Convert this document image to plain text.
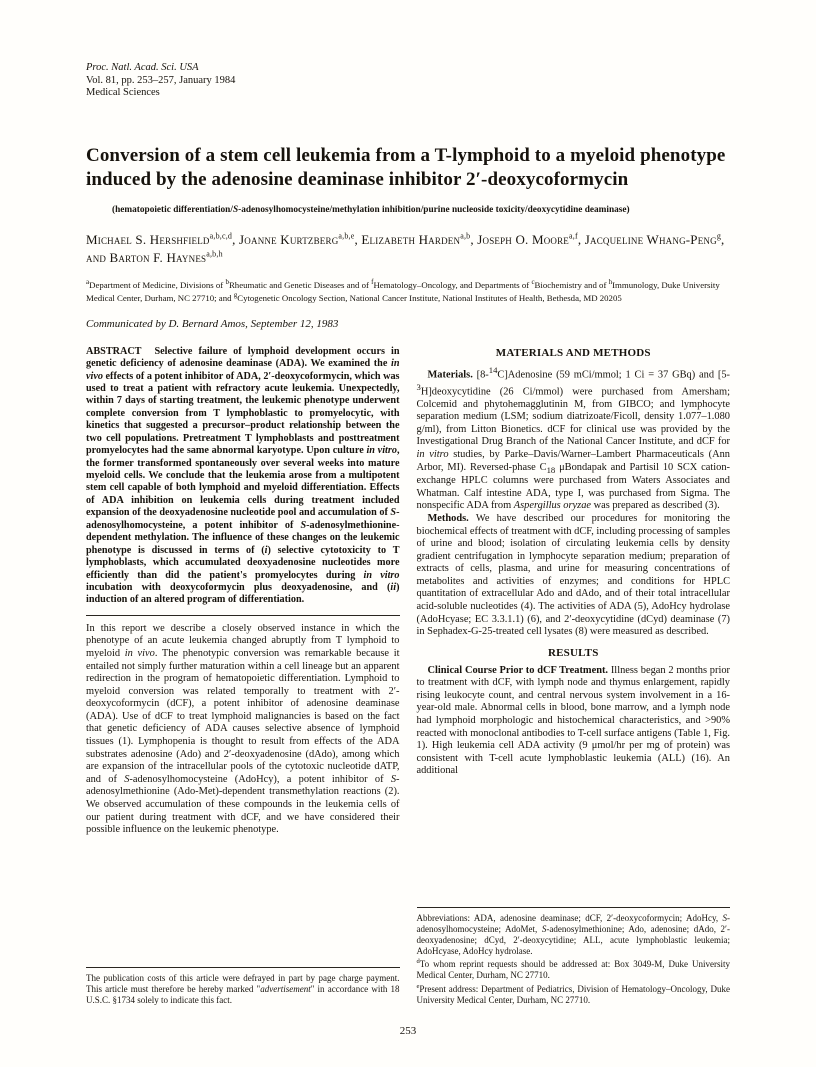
Proc. Natl. Acad. Sci. USA
Vol. 81, pp. 253–257, January 1984
Medical Sciences
Conversion of a stem cell leukemia from a T-lymphoid to a myeloid phenotype induced by the adenosine deaminase inhibitor 2′-deoxycoformycin
(hematopoietic differentiation/S-adenosylhomocysteine/methylation inhibition/purine nucleoside toxicity/deoxycytidine deaminase)
Michael S. Hershfield$^{a,b,c,d}$, Joanne Kurtzberg$^{a,b,e}$, Elizabeth Harden$^{a,b}$, Joseph O. Moore$^{a,f}$, Jacqueline Whang-Peng$^g$, and Barton F. Haynes$^{a,b,h}$
$^a$Department of Medicine, Divisions of $^b$Rheumatic and Genetic Diseases and of $^f$Hematology–Oncology, and Departments of $^c$Biochemistry and of $^h$Immunology, Duke University Medical Center, Durham, NC 27710; and $^g$Cytogenetic Oncology Section, National Cancer Institute, National Institutes of Health, Bethesda, MD 20205
Communicated by D. Bernard Amos, September 12, 1983

ABSTRACT Selective failure of lymphoid development occurs in genetic deficiency of adenosine deaminase (ADA). We examined the in vivo effects of a potent inhibitor of ADA, 2′-deoxycoformycin, which was used to treat a patient with refractory acute leukemia. Unexpectedly, within 7 days of starting treatment, the leukemic phenotype underwent complete conversion from T lymphoblastic to promyelocytic, with kinetics that suggested a precursor–product relationship between the two cell populations. Pretreatment T lymphoblasts and posttreatment promyelocytes had the same abnormal karyotype. Upon culture in vitro, the former transformed spontaneously over several weeks into mature myeloid cells. We conclude that the leukemia arose from a multipotent stem cell capable of both lymphoid and myeloid differentiation. Effects of ADA inhibition on leukemia cells during treatment included expansion of the deoxyadenosine nucleotide pool and accumulation of S-adenosylhomocysteine, a potent inhibitor of S-adenosylmethionine-dependent methylation. The influence of these changes on the leukemic phenotype is discussed in terms of (i) selective cytotoxicity to T lymphoblasts, which accumulated deoxyadenosine nucleotides more efficiently than did the patient's promyelocytes during in vitro incubation with deoxycoformycin plus deoxyadenosine, and (ii) induction of an altered program of differentiation.

In this report we describe a closely observed instance in which the phenotype of an acute leukemia changed abruptly from T lymphoid to myeloid in vivo. The phenotypic conversion was remarkable because it entailed not simply further maturation within a cell lineage but an apparent redirection in the program of hematopoietic differentiation. Lymphoid to myeloid conversion was related temporally to treatment with 2′-deoxycoformycin (dCF), a potent inhibitor of adenosine deaminase (ADA). Use of dCF to treat lymphoid malignancies is based on the fact that genetic deficiency of ADA causes selective absence of lymphoid tissues (1). Lymphopenia is thought to result from effects of the ADA substrates adenosine (Ado) and 2′-deoxyadenosine (dAdo), among which are expansion of the intracellular pools of the cytotoxic nucleotide dATP, and of S-adenosylhomocysteine (AdoHcy), a potent inhibitor of S-adenosylmethionine (Ado-Met)-dependent transmethylation reactions (2). We observed accumulation of these compounds in the leukemia cells of our patient during treatment with dCF, and we have considered their possible influence on the leukemic phenotype.

The publication costs of this article were defrayed in part by page charge payment. This article must therefore be hereby marked "advertisement" in accordance with 18 U.S.C. §1734 solely to indicate this fact.

MATERIALS AND METHODS

Materials. [8-$^{14}$C]Adenosine (59 mCi/mmol; 1 Ci = 37 GBq) and [5-$^3$H]deoxycytidine (26 Ci/mmol) were purchased from Amersham; Colcemid and phytohemagglutinin M, from GIBCO; and lymphocyte separation medium (LSM; sodium diatrizoate/Ficoll, density 1.077–1.080 g/ml), from Litton Bionetics. dCF for clinical use was provided by the Investigational Drug Branch of the National Cancer Institute, and dCF for in vitro studies, by Parke–Davis/Warner–Lambert Pharmaceuticals (Ann Arbor, MI). Reversed-phase $C_{18}$ μBondapak and Partisil 10 SCX cation-exchange HPLC columns were purchased from Waters Associates and Whatman. Calf intestine ADA, type I, was purchased from Sigma. The nonspecific ADA from Aspergillus oryzae was prepared as described (3).

Methods. We have described our procedures for monitoring the biochemical effects of treatment with dCF, including processing of samples of urine and blood; isolation of circulating leukemia cells by density gradient centrifugation in lymphocyte separation medium; preparation of extracts of cells, plasma, and urine for measuring concentrations of metabolites and activities of enzymes; and conditions for HPLC quantitation of extracellular Ado and dAdo, and of their total intracellular acid-soluble nucleotides (4). The activities of ADA (5), AdoHcy hydrolase (AdoHcyase; EC 3.3.1.1) (6), and 2′-deoxycytidine (dCyd) deaminase (7) in Sephadex-G-25-treated cell lysates (8) were measured as described.

RESULTS

Clinical Course Prior to dCF Treatment. Illness began 2 months prior to treatment with dCF, with lymph node and thymus enlargement, rapidly rising leukocyte count, and central nervous system involvement in a 16-year-old male. Abnormal cells in blood, bone marrow, and a lymph node had lymphoid morphologic and histochemical characteristics, and >90% reacted with monoclonal antibodies to T-cell surface antigens (Table 1, Fig. 1). High leukemia cell ADA activity (9 μmol/hr per mg of protein) was consistent with T-cell acute lymphoblastic leukemia (ALL) (16). An additional

Abbreviations: ADA, adenosine deaminase; dCF, 2′-deoxycoformycin; AdoHcy, S-adenosylhomocysteine; AdoMet, S-adenosylmethionine; Ado, adenosine; dAdo, 2′-deoxyadenosine; dCyd, 2′-deoxycytidine; ALL, acute lymphoblastic leukemia; AdoHcyase, AdoHcy hydrolase.

$^d$To whom reprint requests should be addressed at: Box 3049-M, Duke University Medical Center, Durham, NC 27710.

$^e$Present address: Department of Pediatrics, Division of Hematology–Oncology, Duke University Medical Center, Durham, NC 27710.

253
